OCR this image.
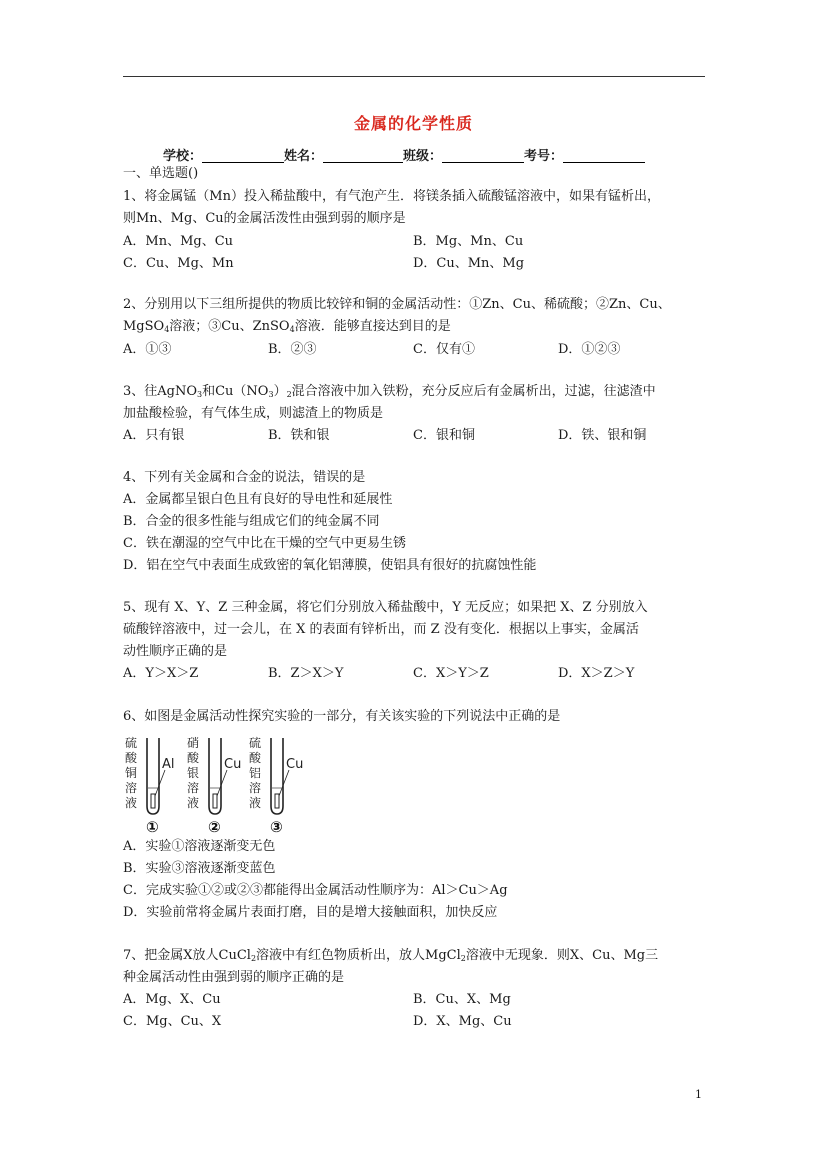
金属的化学性质
学校：	姓名：	班级：	考号：
一、单选题()
1、将金属锰（Mn）投入稀盐酸中，有气泡产生．将镁条插入硫酸锰溶液中，如果有锰析出，
则Mn、Mg、Cu的金属活泼性由强到弱的顺序是
A．Mn、Mg、Cu	B．Mg、Mn、Cu
C．Cu、Mg、Mn	D．Cu、Mn、Mg
2、分别用以下三组所提供的物质比较锌和铜的金属活动性：①Zn、Cu、稀硫酸；②Zn、Cu、
MgSO$_4$溶液；③Cu、ZnSO$_4$溶液．能够直接达到目的是
A．①③	B．②③	C．仅有①	D．①②③
3、往AgNO$_3$和$Cu(NO_3)_2$混合溶液中加入铁粉，充分反应后有金属析出，过滤，往滤渣中
加盐酸检验，有气体生成，则滤渣上的物质是
A．只有银	B．铁和银	C．银和铜	D．铁、银和铜
4、下列有关金属和合金的说法，错误的是
A．金属都呈银白色且有良好的导电性和延展性
B．合金的很多性能与组成它们的纯金属不同
C．铁在潮湿的空气中比在干燥的空气中更易生锈
D．铝在空气中表面生成致密的氧化铝薄膜，使铝具有很好的抗腐蚀性能
5、现有 X、Y、Z 三种金属，将它们分别放入稀盐酸中，Y 无反应；如果把 X、Z 分别放入
硫酸锌溶液中，过一会儿，在 X 的表面有锌析出，而 Z 没有变化．根据以上事实，金属活
动性顺序正确的是
A．Y＞X＞Z	B．Z＞X＞Y	C．X＞Y＞Z	D．X＞Z＞Y
6、如图是金属活动性探究实验的一部分，有关该实验的下列说法中正确的是
硫
酸
铜
溶
液
Al
①
硝
酸
银
溶
液
Cu
②
硫
酸
铝
溶
液
Cu
③
A．实验①溶液逐渐变无色
B．实验③溶液逐渐变蓝色
C．完成实验①②或②③都能得出金属活动性顺序为：Al＞Cu＞Ag
D．实验前常将金属片表面打磨，目的是增大接触面积，加快反应
7、把金属X放人CuCl$_2$溶液中有红色物质析出，放人MgCl$_2$溶液中无现象．则X、Cu、Mg三
种金属活动性由强到弱的顺序正确的是
A．Mg、X、Cu	B．Cu、X、Mg
C．Mg、Cu、X	D．X、Mg、Cu
1
